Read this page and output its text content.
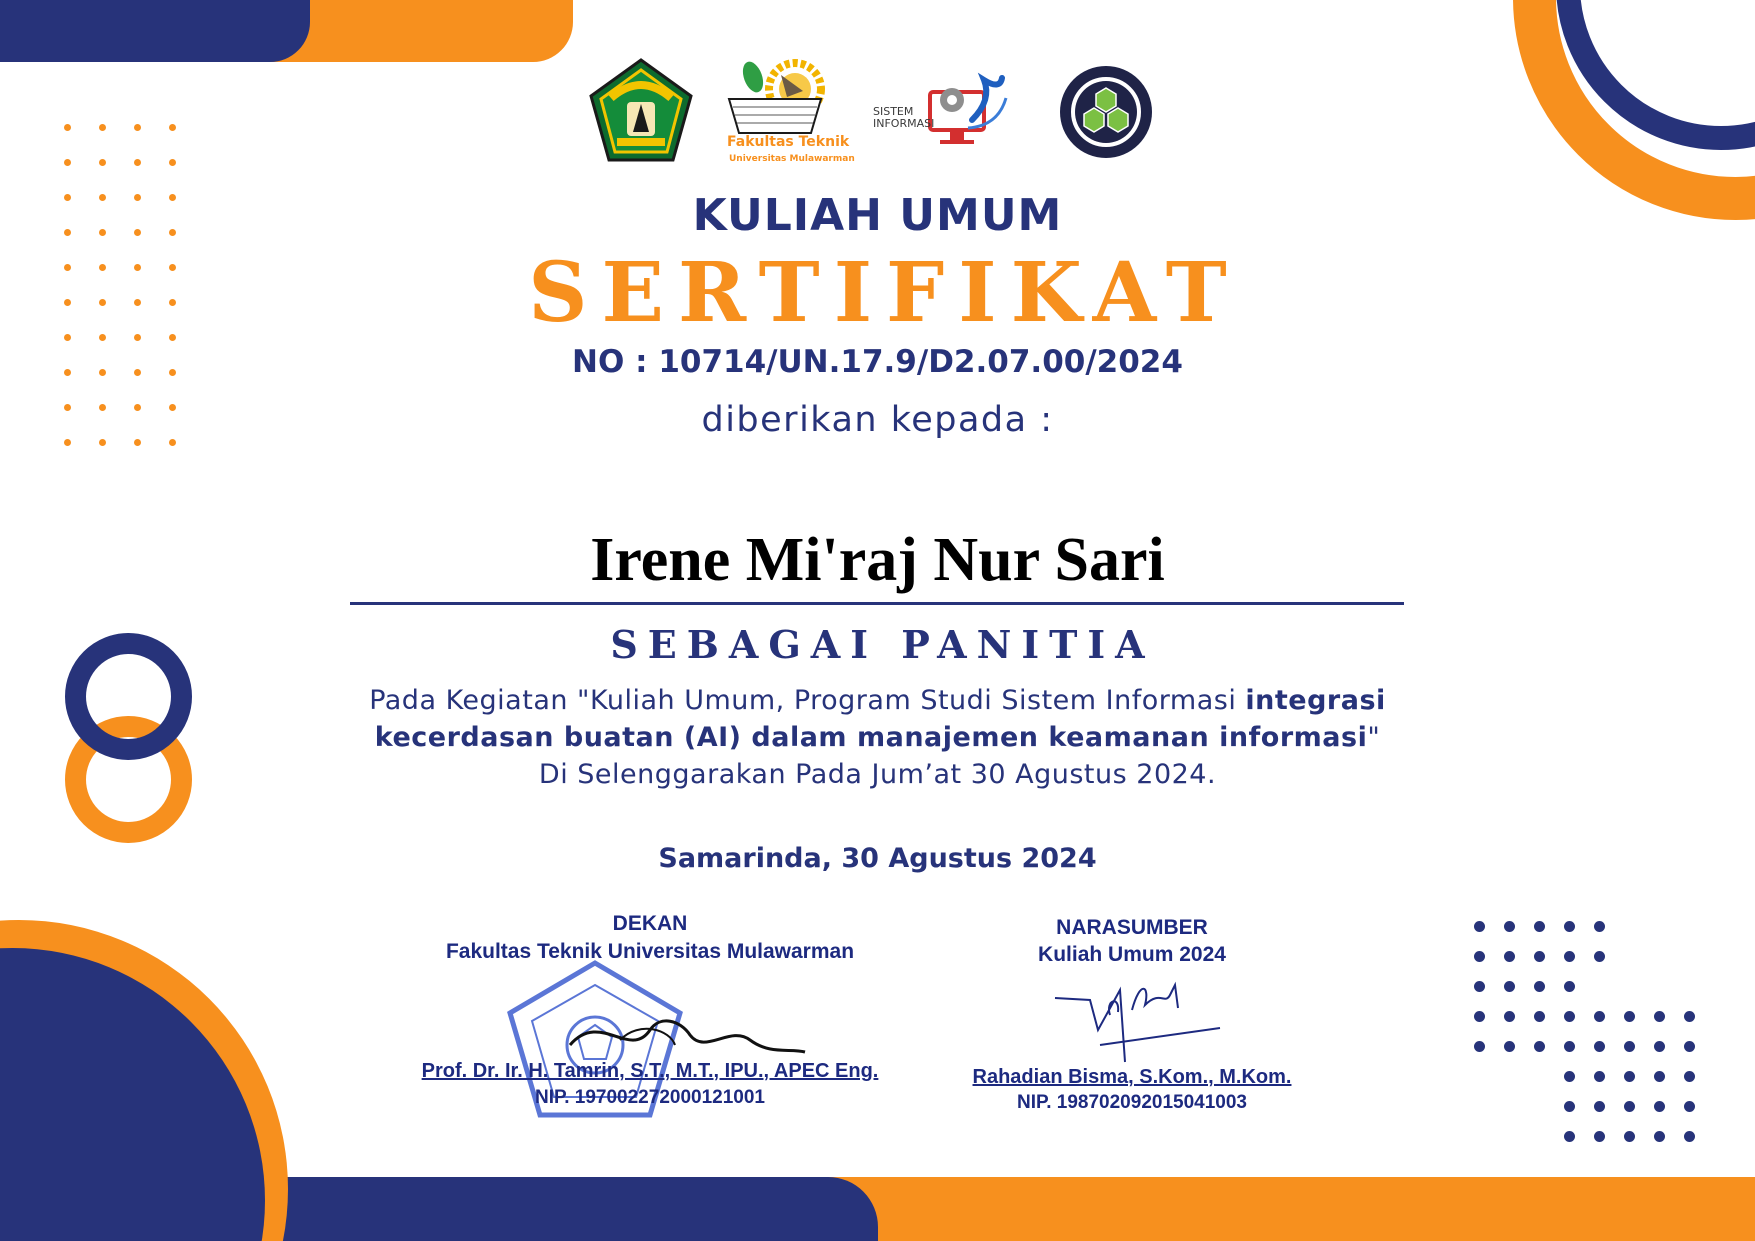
Fakultas Teknik
Universitas Mulawarman
SISTEM
INFORMASI
KULIAH UMUM
SERTIFIKAT
NO : 10714/UN.17.9/D2.07.00/2024
diberikan kepada :
Irene Mi'raj Nur Sari
SEBAGAI PANITIA
Pada Kegiatan "Kuliah Umum, Program Studi Sistem Informasi integrasi
kecerdasan buatan (AI) dalam manajemen keamanan informasi"
Di Selenggarakan Pada Jum’at 30 Agustus 2024.
Samarinda, 30 Agustus 2024
DEKAN
Fakultas Teknik Universitas Mulawarman
Prof. Dr. Ir. H. Tamrin, S.T., M.T., IPU., APEC Eng.
NIP. 197002272000121001
NARASUMBER
Kuliah Umum 2024
Rahadian Bisma, S.Kom., M.Kom.
NIP. 198702092015041003
